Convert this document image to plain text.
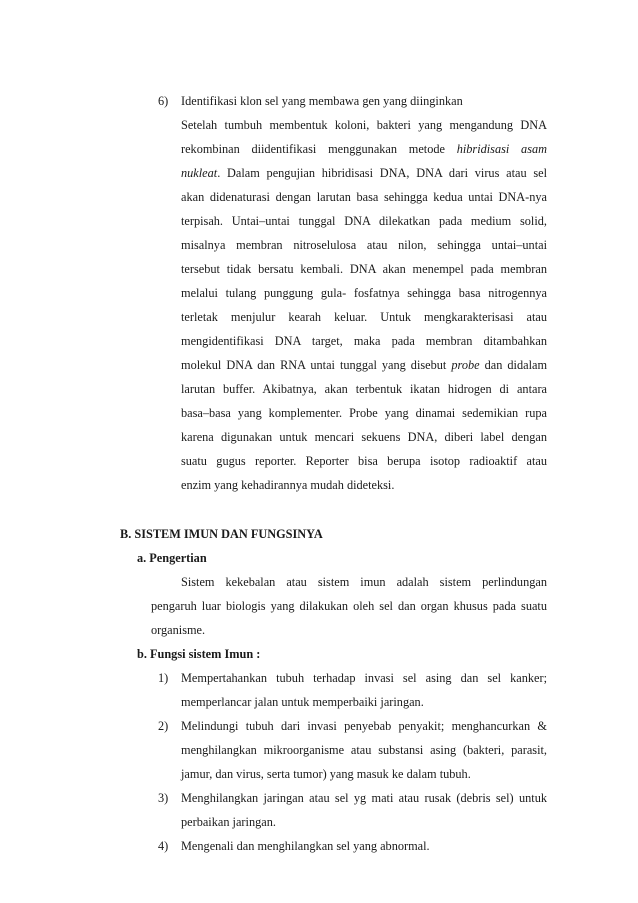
6) Identifikasi klon sel yang membawa gen yang diinginkan
Setelah tumbuh membentuk koloni, bakteri yang mengandung DNA
rekombinan diidentifikasi menggunakan metode hibridisasi asam
nukleat. Dalam pengujian hibridisasi DNA, DNA dari virus atau sel
akan didenaturasi dengan larutan basa sehingga kedua untai DNA-nya
terpisah. Untai–untai tunggal DNA dilekatkan pada medium solid,
misalnya membran nitroselulosa atau nilon, sehingga untai–untai
tersebut tidak bersatu kembali. DNA akan menempel pada membran
melalui tulang punggung gula- fosfatnya sehingga basa nitrogennya
terletak menjulur kearah keluar. Untuk mengkarakterisasi atau
mengidentifikasi DNA target, maka pada membran ditambahkan
molekul DNA dan RNA untai tunggal yang disebut probe dan didalam
larutan buffer. Akibatnya, akan terbentuk ikatan hidrogen di antara
basa–basa yang komplementer. Probe yang dinamai sedemikian rupa
karena digunakan untuk mencari sekuens DNA, diberi label dengan
suatu gugus reporter. Reporter bisa berupa isotop radioaktif atau
enzim yang kehadirannya mudah dideteksi.
B. SISTEM IMUN DAN FUNGSINYA
a. Pengertian
Sistem kekebalan atau sistem imun adalah sistem perlindungan
pengaruh luar biologis yang dilakukan oleh sel dan organ khusus pada suatu
organisme.
b. Fungsi sistem Imun :
1) Mempertahankan tubuh terhadap invasi sel asing dan sel kanker;
memperlancar jalan untuk memperbaiki jaringan.
2) Melindungi tubuh dari invasi penyebab penyakit; menghancurkan &
menghilangkan mikroorganisme atau substansi asing (bakteri, parasit,
jamur, dan virus, serta tumor) yang masuk ke dalam tubuh.
3) Menghilangkan jaringan atau sel yg mati atau rusak (debris sel) untuk
perbaikan jaringan.
4) Mengenali dan menghilangkan sel yang abnormal.
